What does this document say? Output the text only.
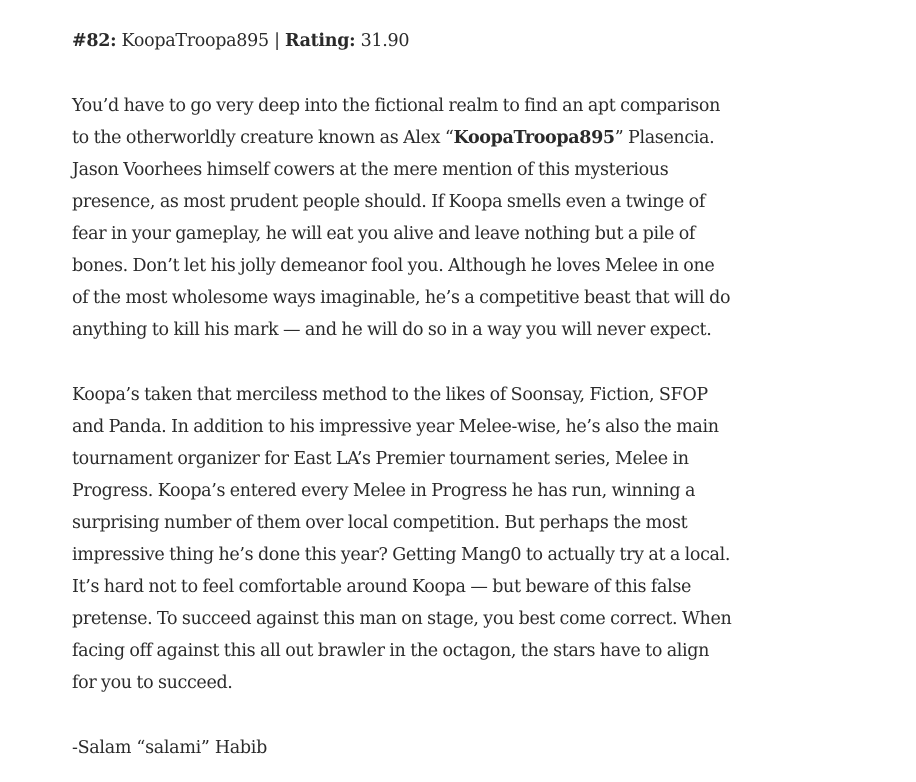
#82: KoopaTroopa895 | Rating: 31.90

You’d have to go very deep into the fictional realm to find an apt comparison
to the otherworldly creature known as Alex “KoopaTroopa895” Plasencia.
Jason Voorhees himself cowers at the mere mention of this mysterious
presence, as most prudent people should. If Koopa smells even a twinge of
fear in your gameplay, he will eat you alive and leave nothing but a pile of
bones. Don’t let his jolly demeanor fool you. Although he loves Melee in one
of the most wholesome ways imaginable, he’s a competitive beast that will do
anything to kill his mark — and he will do so in a way you will never expect.

Koopa’s taken that merciless method to the likes of Soonsay, Fiction, SFOP
and Panda. In addition to his impressive year Melee-wise, he’s also the main
tournament organizer for East LA’s Premier tournament series, Melee in
Progress. Koopa’s entered every Melee in Progress he has run, winning a
surprising number of them over local competition. But perhaps the most
impressive thing he’s done this year? Getting Mang0 to actually try at a local.
It’s hard not to feel comfortable around Koopa — but beware of this false
pretense. To succeed against this man on stage, you best come correct. When
facing off against this all out brawler in the octagon, the stars have to align
for you to succeed.

-Salam “salami” Habib
